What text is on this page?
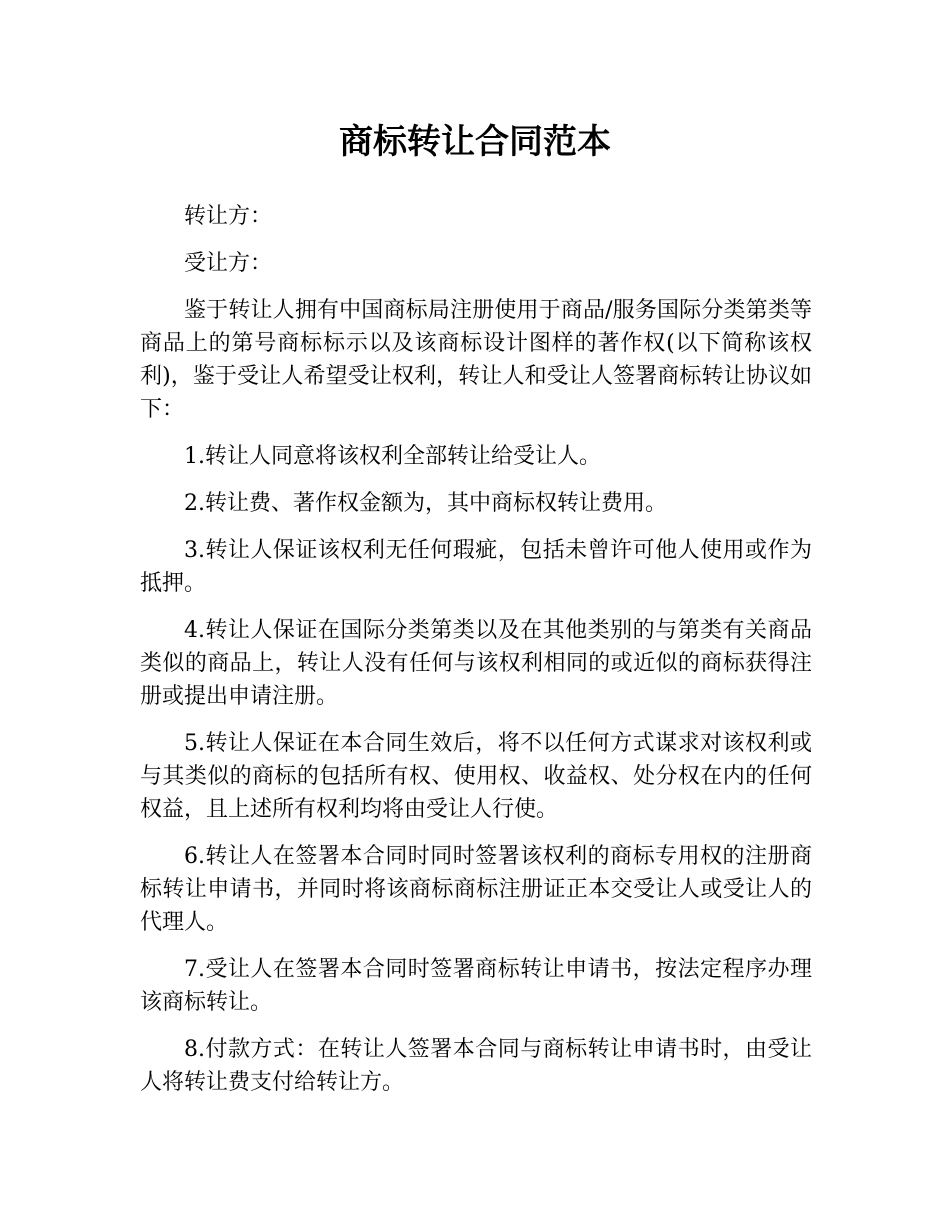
商标转让合同范本

转让方：

受让方：

鉴于转让人拥有中国商标局注册使用于商品/服务国际分类第类等商品上的第号商标标示以及该商标设计图样的著作权(以下简称该权利)，鉴于受让人希望受让权利，转让人和受让人签署商标转让协议如下：

1.转让人同意将该权利全部转让给受让人。

2.转让费、著作权金额为，其中商标权转让费用。

3.转让人保证该权利无任何瑕疵，包括未曾许可他人使用或作为抵押。

4.转让人保证在国际分类第类以及在其他类别的与第类有关商品类似的商品上，转让人没有任何与该权利相同的或近似的商标获得注册或提出申请注册。

5.转让人保证在本合同生效后，将不以任何方式谋求对该权利或与其类似的商标的包括所有权、使用权、收益权、处分权在内的任何权益，且上述所有权利均将由受让人行使。

6.转让人在签署本合同时同时签署该权利的商标专用权的注册商标转让申请书，并同时将该商标商标注册证正本交受让人或受让人的代理人。

7.受让人在签署本合同时签署商标转让申请书，按法定程序办理该商标转让。

8.付款方式：在转让人签署本合同与商标转让申请书时，由受让人将转让费支付给转让方。
